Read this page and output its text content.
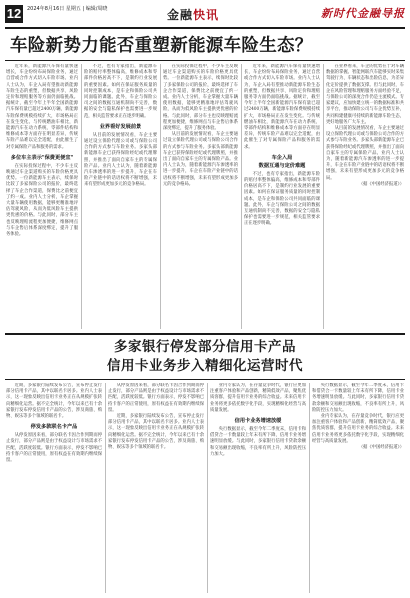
12	2024年8月16日 星期五 | 编辑/周晓	金融快讯	新时代金融导报
车险新势力能否重塑新能源车险生态？

近年来，新能源汽车保有量快速增长，车企纷纷布局保险业务，通过自营或合作方式切入车险市场。业内人士认为，车企入局有望推动新能源车险生态的重塑，但数据共享、风险定价和理赔服务等方面仍面临挑战。据统计，截至今年上半年全国新能源汽车保有量已超过2400万辆，新能源车险保费规模持续扩大，市场格局正在发生变化。与传统燃油车相比，新能源汽车在动力系统、零部件结构和维修成本等方面存在明显差异，传统车险产品难以完全适配，由此催生了对专属保险产品和服务的需求。

多位车主表示"保费更便宜"

在实际投保过程中，不少车主反映通过车企渠道购买的车险价格更具优势。一位新能源车主表示，续保时比较了多家保险公司的报价，最终选择了车企合作渠道，保费比之前便宜了约一成。业内人士分析，车企掌握大量车辆使用数据，能够更精准地评估驾驶风险，从而为低风险车主提供更优惠的价格。与此同时，部分车主也反映理赔流程更加便捷，维修网点与车企售后体系深度绑定，提升了服务体验。

不过，也有专家指出，新能源车险的赔付率整体偏高，维修成本和零部件价格居高不下，是制约行业发展的重要因素。如何在保证服务质量的同时控制成本，是车企和保险公司共同面临的课题。此外，车企与保险公司之间的数据互通机制尚不完善，数据的安全与隐私保护也需要进一步规范，相关监管要求正在逐步明确。

业界看好发展前景

从目前的发展情况看，车企主要通过设立保险代理公司或与保险公司合作的方式参与车险业务。多家头部新能源车企已获得保险经纪或代理牌照，并推出了面向自家车主的专属保险产品。业内人士认为，随着新能源汽车渗透率的进一步提升，车企在车险产业链中的话语权将不断增强，未来有望形成更加多元的竞争格局。

在实际投保过程中，不少车主反映通过车企渠道购买的车险价格更具优势。一位新能源车主表示，续保时比较了多家保险公司的报价，最终选择了车企合作渠道，保费比之前便宜了约一成。业内人士分析，车企掌握大量车辆使用数据，能够更精准地评估驾驶风险，从而为低风险车主提供更优惠的价格。与此同时，部分车主也反映理赔流程更加便捷，维修网点与车企售后体系深度绑定，提升了服务体验。

从目前的发展情况看，车企主要通过设立保险代理公司或与保险公司合作的方式参与车险业务。多家头部新能源车企已获得保险经纪或代理牌照，并推出了面向自家车主的专属保险产品。业内人士认为，随着新能源汽车渗透率的进一步提升，车企在车险产业链中的话语权将不断增强，未来有望形成更加多元的竞争格局。

近年来，新能源汽车保有量快速增长，车企纷纷布局保险业务，通过自营或合作方式切入车险市场。业内人士认为，车企入局有望推动新能源车险生态的重塑，但数据共享、风险定价和理赔服务等方面仍面临挑战。据统计，截至今年上半年全国新能源汽车保有量已超过2400万辆，新能源车险保费规模持续扩大，市场格局正在发生变化。与传统燃油车相比，新能源汽车在动力系统、零部件结构和维修成本等方面存在明显差异，传统车险产品难以完全适配，由此催生了对专属保险产品和服务的需求。

车企入局
数据互通与定价难题

不过，也有专家指出，新能源车险的赔付率整体偏高，维修成本和零部件价格居高不下，是制约行业发展的重要因素。如何在保证服务质量的同时控制成本，是车企和保险公司共同面临的课题。此外，车企与保险公司之间的数据互通机制尚不完善，数据的安全与隐私保护也需要进一步规范，相关监管要求正在逐步明确。

在业界看来，车企的优势在于对车辆数据的掌握。智能网联汽车能够实时采集驾驶行为、车辆状态和出险信息，为差异化定价提供了数据支撑。但与此同时，车企在风险管理和理赔服务方面经验不足，与保险公司的深度合作仍是主流模式。专家建议，应加快建立统一的数据标准和共享平台，推动保险公司与车企优势互补，共同构建健康可持续的新能源车险生态，更好地服务广大车主。

从目前的发展情况看，车企主要通过设立保险代理公司或与保险公司合作的方式参与车险业务。多家头部新能源车企已获得保险经纪或代理牌照，并推出了面向自家车主的专属保险产品。业内人士认为，随着新能源汽车渗透率的进一步提升，车企在车险产业链中的话语权将不断增强，未来有望形成更加多元的竞争格局。

（据《中国经济报道》）

多家银行停发部分信用卡产品
信用卡业务步入精细化运营时代

近期，多家银行陆续发布公告，宣布停止发行部分信用卡产品，其中以联名卡居多。业内人士表示，这一现象反映出信用卡业务正在从规模扩张转向精细化运营。据不完全统计，今年以来已有十余家银行发布停发信用卡产品的公告，涉及商旅、购物、娱乐等多个领域的联名卡。

停发多款联名卡产品

从停发原因来看，部分联名卡因合作到期而停止发行，部分产品则是由于权益设计与市场需求不匹配，活跃度较低。银行方面表示，停发不影响已持卡客户的正常使用，原有权益在有效期内继续保留。

从停发原因来看，部分联名卡因合作到期而停止发行，部分产品则是由于权益设计与市场需求不匹配，活跃度较低。银行方面表示，停发不影响已持卡客户的正常使用，原有权益在有效期内继续保留。

近期，多家银行陆续发布公告，宣布停止发行部分信用卡产品，其中以联名卡居多。业内人士表示，这一现象反映出信用卡业务正在从规模扩张转向精细化运营。据不完全统计，今年以来已有十余家银行发布停发信用卡产品的公告，涉及商旅、购物、娱乐等多个领域的联名卡。

业内专家认为，在存量竞争时代，银行应更加注重客户体验和产品创新，精简低效产品，聚焦优质客群，提升信用卡业务的综合收益。未来信用卡业务将更多依托数字化手段，实现精细化经营与高质量发展。

信用卡业务增速放缓

央行数据显示，截至今年二季度末，信用卡和借贷合一卡数量较上年末有所下降，信用卡业务增速明显放缓。与此同时，多家银行信用卡贷款余额和交易额出现收缩，不良率有所上升，风险防控压力加大。

央行数据显示，截至今年二季度末，信用卡和借贷合一卡数量较上年末有所下降，信用卡业务增速明显放缓。与此同时，多家银行信用卡贷款余额和交易额出现收缩，不良率有所上升，风险防控压力加大。

业内专家认为，在存量竞争时代，银行应更加注重客户体验和产品创新，精简低效产品，聚焦优质客群，提升信用卡业务的综合收益。未来信用卡业务将更多依托数字化手段，实现精细化经营与高质量发展。

（据《中国经济报道》）
